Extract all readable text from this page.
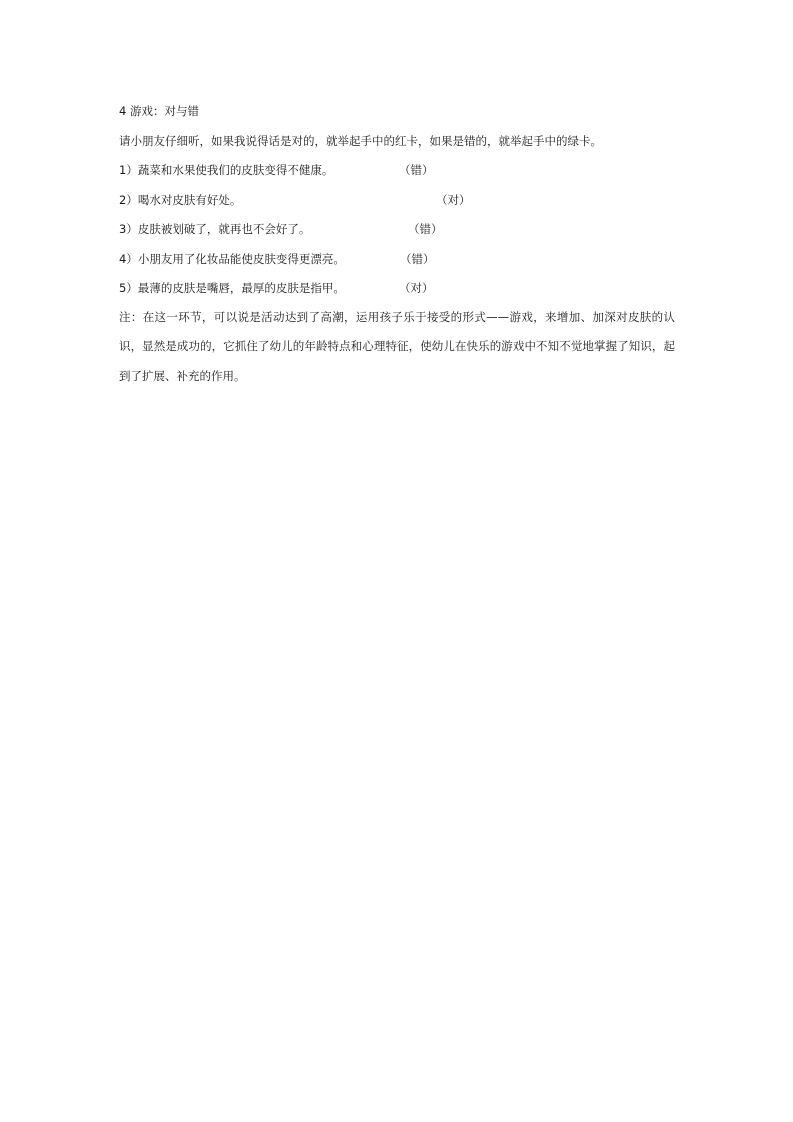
4 游戏：对与错
请小朋友仔细听，如果我说得话是对的，就举起手中的红卡，如果是错的，就举起手中的绿卡。
1）蔬菜和水果使我们的皮肤变得不健康。	（错）
2）喝水对皮肤有好处。	（对）
3）皮肤被划破了，就再也不会好了。	（错）
4）小朋友用了化妆品能使皮肤变得更漂亮。	（错）
5）最薄的皮肤是嘴唇，最厚的皮肤是指甲。	（对）
注：在这一环节，可以说是活动达到了高潮，运用孩子乐于接受的形式——游戏，来增加、加深对皮肤的认识，显然是成功的，它抓住了幼儿的年龄特点和心理特征，使幼儿在快乐的游戏中不知不觉地掌握了知识，起到了扩展、补充的作用。
